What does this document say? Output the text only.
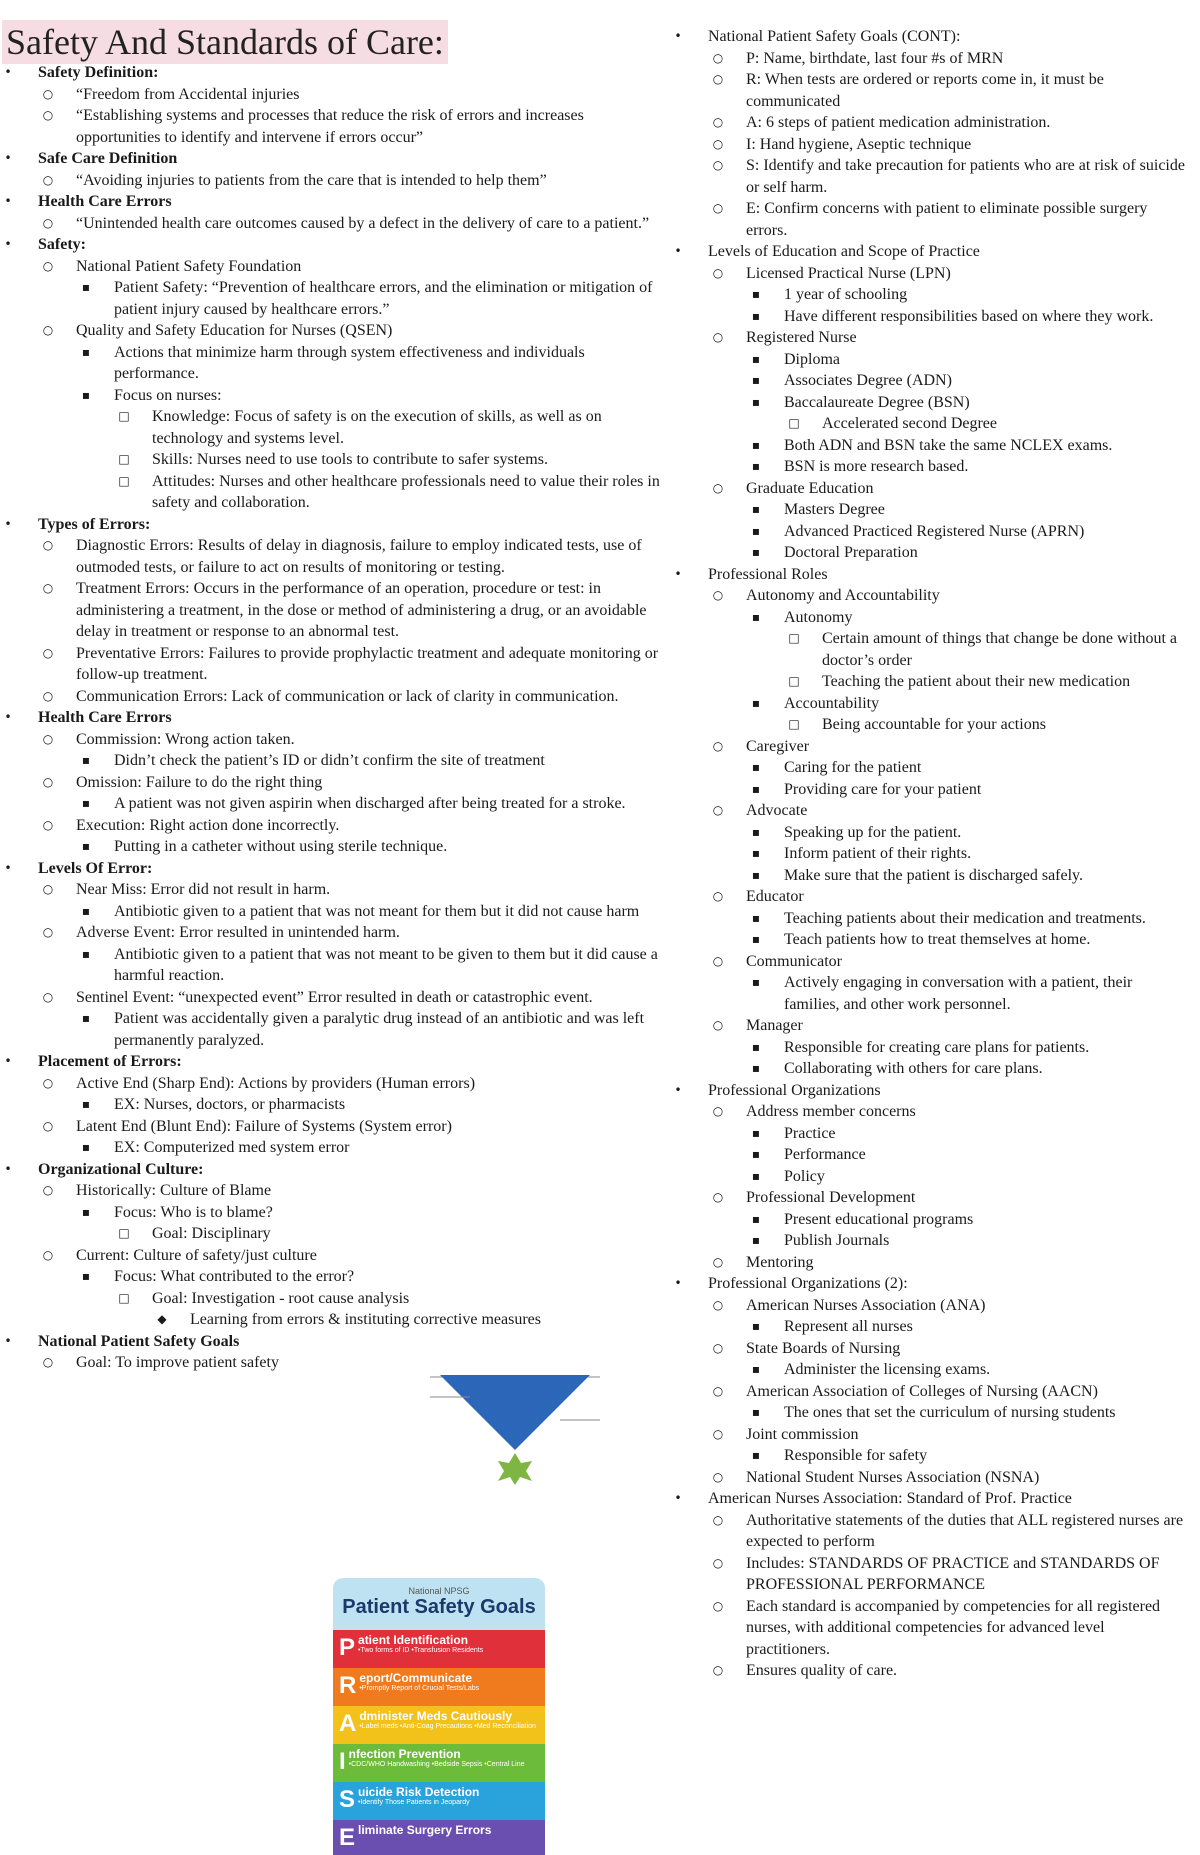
Safety And Standards of Care:
• Safety Definition:
○ “Freedom from Accidental injuries
○ “Establishing systems and processes that reduce the risk of errors and increases opportunities to identify and intervene if errors occur”
• Safe Care Definition
○ “Avoiding injuries to patients from the care that is intended to help them”
• Health Care Errors
○ “Unintended health care outcomes caused by a defect in the delivery of care to a patient.”
• Safety:
○ National Patient Safety Foundation
▪ Patient Safety: “Prevention of healthcare errors, and the elimination or mitigation of patient injury caused by healthcare errors.”
○ Quality and Safety Education for Nurses (QSEN)
▪ Actions that minimize harm through system effectiveness and individuals performance.
▪ Focus on nurses:
□ Knowledge: Focus of safety is on the execution of skills, as well as on technology and systems level.
□ Skills: Nurses need to use tools to contribute to safer systems.
□ Attitudes: Nurses and other healthcare professionals need to value their roles in safety and collaboration.
• Types of Errors:
○ Diagnostic Errors: Results of delay in diagnosis, failure to employ indicated tests, use of outmoded tests, or failure to act on results of monitoring or testing.
○ Treatment Errors: Occurs in the performance of an operation, procedure or test: in administering a treatment, in the dose or method of administering a drug, or an avoidable delay in treatment or response to an abnormal test.
○ Preventative Errors: Failures to provide prophylactic treatment and adequate monitoring or follow-up treatment.
○ Communication Errors: Lack of communication or lack of clarity in communication.
• Health Care Errors
○ Commission: Wrong action taken.
▪ Didn’t check the patient’s ID or didn’t confirm the site of treatment
○ Omission: Failure to do the right thing
▪ A patient was not given aspirin when discharged after being treated for a stroke.
○ Execution: Right action done incorrectly.
▪ Putting in a catheter without using sterile technique.
• Levels Of Error:
○ Near Miss: Error did not result in harm.
▪ Antibiotic given to a patient that was not meant for them but it did not cause harm
○ Adverse Event: Error resulted in unintended harm.
▪ Antibiotic given to a patient that was not meant to be given to them but it did cause a harmful reaction.
○ Sentinel Event: “unexpected event” Error resulted in death or catastrophic event.
▪ Patient was accidentally given a paralytic drug instead of an antibiotic and was left permanently paralyzed.
• Placement of Errors:
○ Active End (Sharp End): Actions by providers (Human errors)
▪ EX: Nurses, doctors, or pharmacists
○ Latent End (Blunt End): Failure of Systems (System error)
▪ EX: Computerized med system error
• Organizational Culture:
○ Historically: Culture of Blame
▪ Focus: Who is to blame?
□ Goal: Disciplinary
○ Current: Culture of safety/just culture
▪ Focus: What contributed to the error?
□ Goal: Investigation - root cause analysis
◆ Learning from errors & instituting corrective measures
• National Patient Safety Goals
○ Goal: To improve patient safety
• National Patient Safety Goals (CONT):
○ P: Name, birthdate, last four #s of MRN
○ R: When tests are ordered or reports come in, it must be communicated
○ A: 6 steps of patient medication administration.
○ I: Hand hygiene, Aseptic technique
○ S: Identify and take precaution for patients who are at risk of suicide or self harm.
○ E: Confirm concerns with patient to eliminate possible surgery errors.
• Levels of Education and Scope of Practice
○ Licensed Practical Nurse (LPN)
▪ 1 year of schooling
▪ Have different responsibilities based on where they work.
○ Registered Nurse
▪ Diploma
▪ Associates Degree (ADN)
▪ Baccalaureate Degree (BSN)
□ Accelerated second Degree
▪ Both ADN and BSN take the same NCLEX exams.
▪ BSN is more research based.
○ Graduate Education
▪ Masters Degree
▪ Advanced Practiced Registered Nurse (APRN)
▪ Doctoral Preparation
• Professional Roles
○ Autonomy and Accountability
▪ Autonomy
□ Certain amount of things that change be done without a doctor’s order
□ Teaching the patient about their new medication
▪ Accountability
□ Being accountable for your actions
○ Caregiver
▪ Caring for the patient
▪ Providing care for your patient
○ Advocate
▪ Speaking up for the patient.
▪ Inform patient of their rights.
▪ Make sure that the patient is discharged safely.
○ Educator
▪ Teaching patients about their medication and treatments.
▪ Teach patients how to treat themselves at home.
○ Communicator
▪ Actively engaging in conversation with a patient, their families, and other work personnel.
○ Manager
▪ Responsible for creating care plans for patients.
▪ Collaborating with others for care plans.
• Professional Organizations
○ Address member concerns
▪ Practice
▪ Performance
▪ Policy
○ Professional Development
▪ Present educational programs
▪ Publish Journals
○ Mentoring
• Professional Organizations (2):
○ American Nurses Association (ANA)
▪ Represent all nurses
○ State Boards of Nursing
▪ Administer the licensing exams.
○ American Association of Colleges of Nursing (AACN)
▪ The ones that set the curriculum of nursing students
○ Joint commission
▪ Responsible for safety
○ National Student Nurses Association (NSNA)
• American Nurses Association: Standard of Prof. Practice
○ Authoritative statements of the duties that ALL registered nurses are expected to perform
○ Includes: STANDARDS OF PRACTICE and STANDARDS OF PROFESSIONAL PERFORMANCE
○ Each standard is accompanied by competencies for all registered nurses, with additional competencies for advanced level practitioners.
○ Ensures quality of care.
National NPSG
Patient Safety Goals
Patient Identification
•Two forms of ID •Transfusion Residents
Report/Communicate
•Promptly Report of Crucial Tests/Labs
Administer Meds Cautiously
•Label meds •Anti-Coag Precautions •Med Reconciliation
Infection Prevention
•CDC/WHO Handwashing •Bedside Sepsis •Central Line
Suicide Risk Detection
•Identify Those Patients in Jeopardy
Eliminate Surgery Errors
